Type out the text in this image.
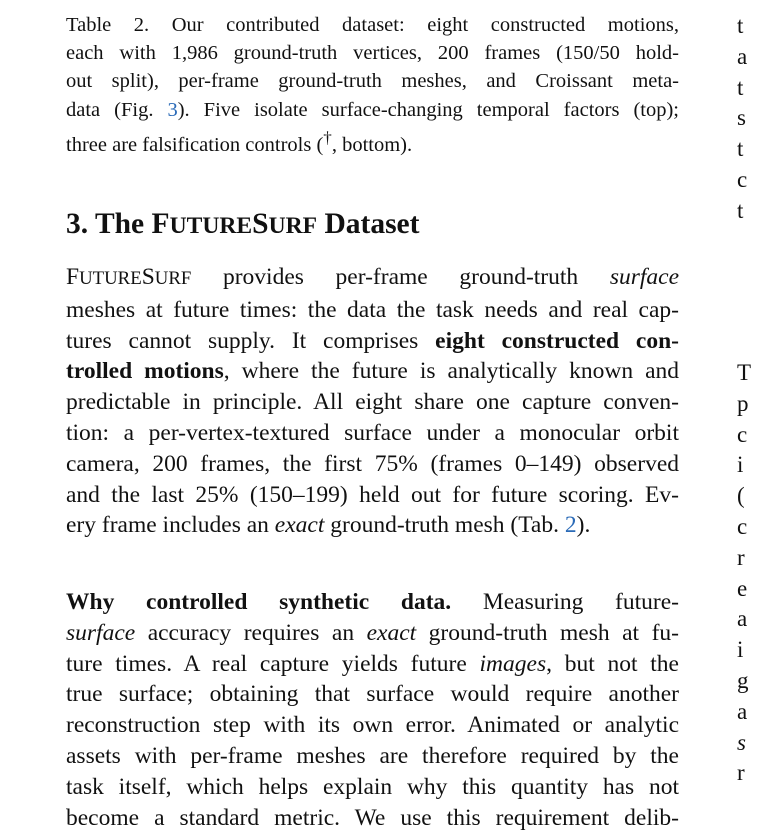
Table 2. Our contributed dataset: eight constructed motions,

each with 1,986 ground-truth vertices, 200 frames (150/50 hold-

out split), per-frame ground-truth meshes, and Croissant meta-

data (Fig. 3). Five isolate surface-changing temporal factors (top);

three are falsification controls (†, bottom).

3. The FUTURESURF Dataset

FUTURESURF provides per-frame ground-truth surface

meshes at future times: the data the task needs and real cap-

tures cannot supply. It comprises eight constructed con-

trolled motions, where the future is analytically known and

predictable in principle. All eight share one capture conven-

tion: a per-vertex-textured surface under a monocular orbit

camera, 200 frames, the first 75% (frames 0–149) observed

and the last 25% (150–199) held out for future scoring. Ev-

ery frame includes an exact ground-truth mesh (Tab. 2).

Why controlled synthetic data. Measuring future-

surface accuracy requires an exact ground-truth mesh at fu-

ture times. A real capture yields future images, but not the

true surface; obtaining that surface would require another

reconstruction step with its own error. Animated or analytic

assets with per-frame meshes are therefore required by the

task itself, which helps explain why this quantity has not

become a standard metric. We use this requirement delib-

t
a
t
s
t
c
t
T
p
c
i
(
c
r
e
a
i
g
a
s
r
